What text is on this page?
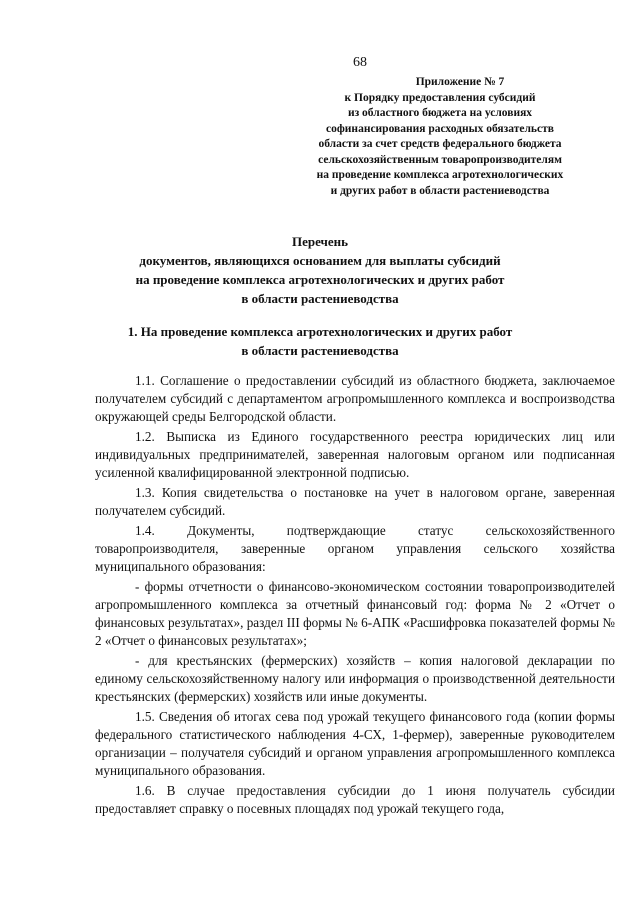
68
Приложение № 7
к Порядку предоставления субсидий
из областного бюджета на условиях
софинансирования расходных обязательств
области за счет средств федерального бюджета
сельскохозяйственным товаропроизводителям
на проведение комплекса агротехнологических
и других работ в области растениеводства
Перечень
документов, являющихся основанием для выплаты субсидий
на проведение комплекса агротехнологических и других работ
в области растениеводства
1. На проведение комплекса агротехнологических и других работ
в области растениеводства

1.1. Соглашение о предоставлении субсидий из областного бюджета, заключаемое получателем субсидий с департаментом агропромышленного комплекса и воспроизводства окружающей среды Белгородской области.

1.2. Выписка из Единого государственного реестра юридических лиц или индивидуальных предпринимателей, заверенная налоговым органом или подписанная усиленной квалифицированной электронной подписью.

1.3. Копия свидетельства о постановке на учет в налоговом органе, заверенная получателем субсидий.

1.4. Документы, подтверждающие статус сельскохозяйственного товаропроизводителя, заверенные органом управления сельского хозяйства муниципального образования:

- формы отчетности о финансово-экономическом состоянии товаропроизводителей агропромышленного комплекса за отчетный финансовый год: форма № 2 «Отчет о финансовых результатах», раздел III формы № 6-АПК «Расшифровка показателей формы № 2 «Отчет о финансовых результатах»;

- для крестьянских (фермерских) хозяйств – копия налоговой декларации по единому сельскохозяйственному налогу или информация о производственной деятельности крестьянских (фермерских) хозяйств или иные документы.

1.5. Сведения об итогах сева под урожай текущего финансового года (копии формы федерального статистического наблюдения 4-СХ, 1-фермер), заверенные руководителем организации – получателя субсидий и органом управления агропромышленного комплекса муниципального образования.

1.6. В случае предоставления субсидии до 1 июня получатель субсидии предоставляет справку о посевных площадях под урожай текущего года,
